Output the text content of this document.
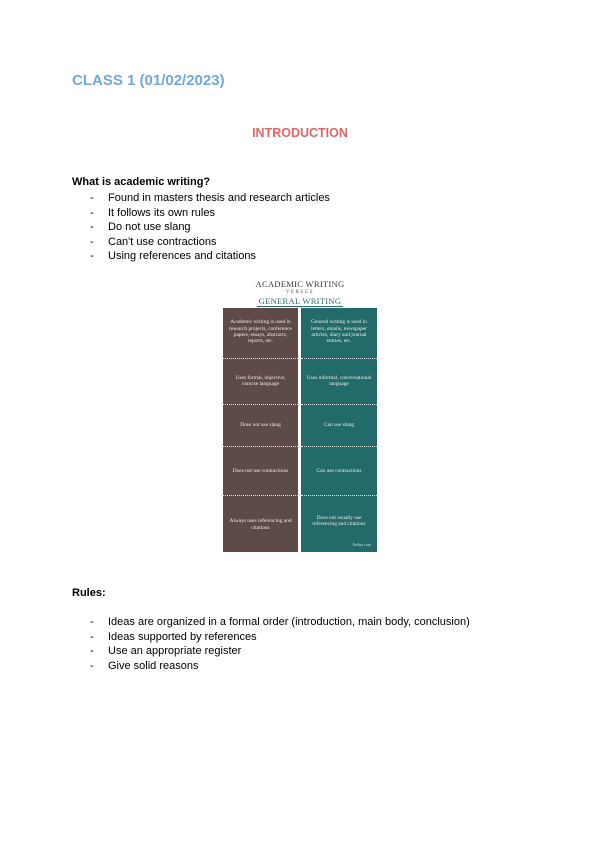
CLASS 1 (01/02/2023)
INTRODUCTION
What is academic writing?
- Found in masters thesis and research articles
- It follows its own rules
- Do not use slang
- Can't use contractions
- Using references and citations
ACADEMIC WRITING
VERSUS
GENERAL WRITING
Academic writing is used in research projects, conference papers, essays, abstracts, reports, etc.
Uses formal, objective, concise language
Does not use slang
Does not use contractions
Always uses referencing and citations
General writing is used in letters, emails, newspaper articles, diary and journal entries, etc.
Uses informal, conversational language
Can use slang
Can use contractions
Does not usually use referencing and citations
Pediaa.com
Rules:
- Ideas are organized in a formal order (introduction, main body, conclusion)
- Ideas supported by references
- Use an appropriate register
- Give solid reasons
